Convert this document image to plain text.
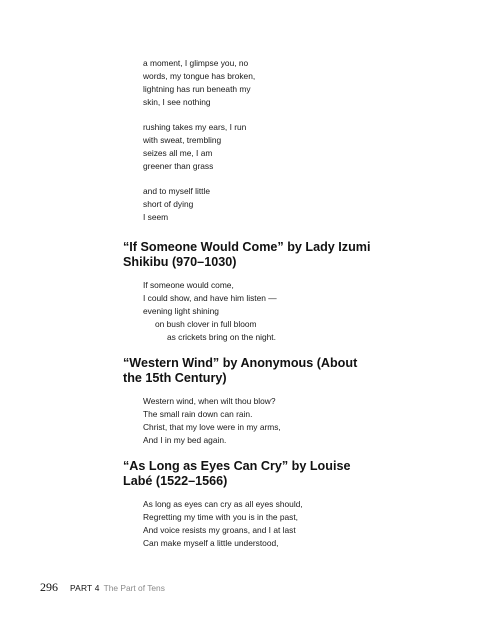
a moment, I glimpse you, no
words, my tongue has broken,
lightning has run beneath my
skin, I see nothing
rushing takes my ears, I run
with sweat, trembling
seizes all me, I am
greener than grass
and to myself little
short of dying
I seem
“If Someone Would Come” by Lady Izumi Shikibu (970–1030)
If someone would come,
I could show, and have him listen —
evening light shining
on bush clover in full bloom
as crickets bring on the night.
“Western Wind” by Anonymous (About the 15th Century)
Western wind, when wilt thou blow?
The small rain down can rain.
Christ, that my love were in my arms,
And I in my bed again.
“As Long as Eyes Can Cry” by Louise Labé (1522–1566)
As long as eyes can cry as all eyes should,
Regretting my time with you is in the past,
And voice resists my groans, and I at last
Can make myself a little understood,
296 PART 4 The Part of Tens
